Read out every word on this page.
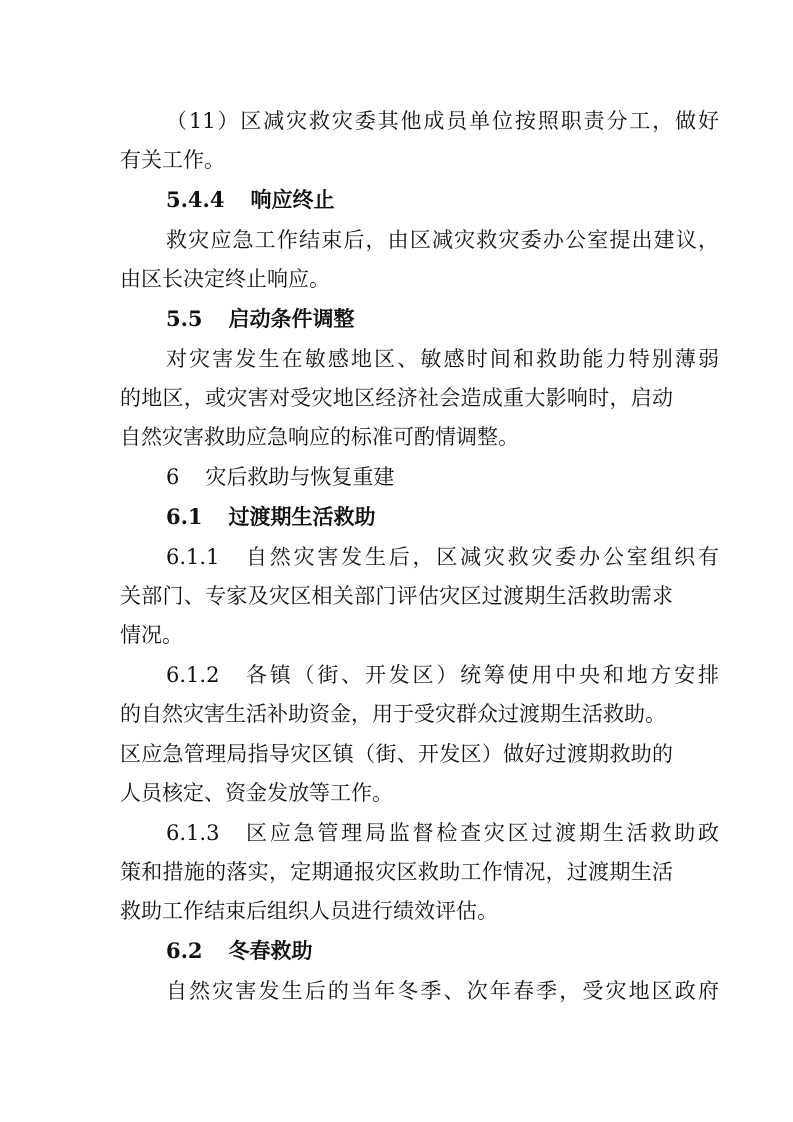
（11）区减灾救灾委其他成员单位按照职责分工，做好
有关工作。
5.4.4 响应终止
救灾应急工作结束后，由区减灾救灾委办公室提出建议，
由区长决定终止响应。
5.5 启动条件调整
对灾害发生在敏感地区、敏感时间和救助能力特别薄弱
的地区，或灾害对受灾地区经济社会造成重大影响时，启动
自然灾害救助应急响应的标准可酌情调整。
6 灾后救助与恢复重建
6.1 过渡期生活救助
6.1.1　自然灾害发生后，区减灾救灾委办公室组织有
关部门、专家及灾区相关部门评估灾区过渡期生活救助需求
情况。
6.1.2　各镇（街、开发区）统筹使用中央和地方安排
的自然灾害生活补助资金，用于受灾群众过渡期生活救助。
区应急管理局指导灾区镇（街、开发区）做好过渡期救助的
人员核定、资金发放等工作。
6.1.3　区应急管理局监督检查灾区过渡期生活救助政
策和措施的落实，定期通报灾区救助工作情况，过渡期生活
救助工作结束后组织人员进行绩效评估。
6.2 冬春救助
自然灾害发生后的当年冬季、次年春季，受灾地区政府
